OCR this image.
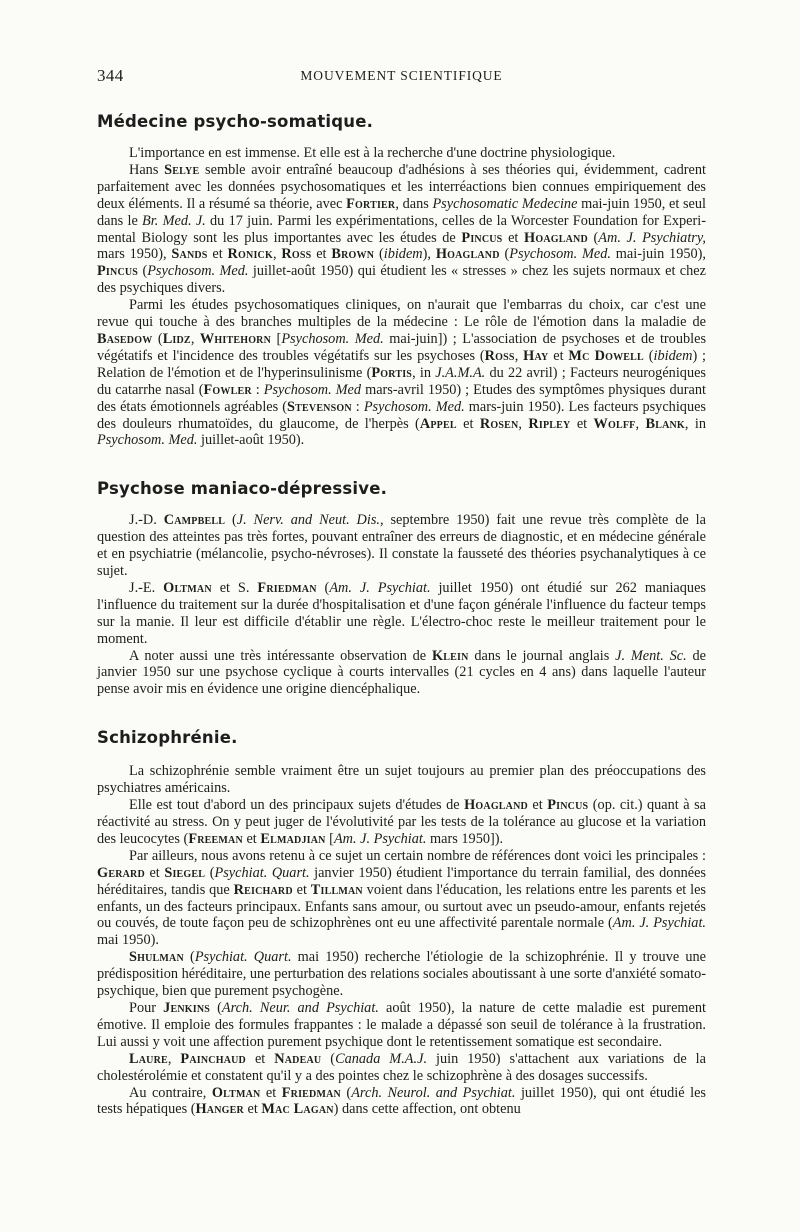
344	MOUVEMENT SCIENTIFIQUE
Médecine psycho-somatique.

L'importance en est immense. Et elle est à la recherche d'une doctrine physiologique.

Hans Selye semble avoir entraîné beaucoup d'adhésions à ses théories qui, évidemment, cadrent parfaitement avec les données psychosomatiques et les interréactions bien connues empiriquement des deux éléments. Il a résumé sa théorie, avec Fortier, dans Psychosomatic Medecine mai-juin 1950, et seul dans le Br. Med. J. du 17 juin. Parmi les expérimentations, celles de la Worcester Foundation for Experimental Biology sont les plus importantes avec les études de Pincus et Hoagland (Am. J. Psychiatry, mars 1950), Sands et Ronick, Ross et Brown (ibidem), Hoagland (Psychosom. Med. mai-juin 1950), Pincus (Psychosom. Med. juillet-août 1950) qui étudient les « stresses » chez les sujets normaux et chez des psychiques divers.

Parmi les études psychosomatiques cliniques, on n'aurait que l'embarras du choix, car c'est une revue qui touche à des branches multiples de la médecine : Le rôle de l'émotion dans la maladie de Basedow (Lidz, Whitehorn [Psychosom. Med. mai-juin]) ; L'association de psychoses et de troubles végétatifs et l'incidence des troubles végétatifs sur les psychoses (Ross, Hay et Mc Dowell (ibidem) ; Relation de l'émotion et de l'hyperinsulinisme (Portis, in J.A.M.A. du 22 avril) ; Facteurs neurogéniques du catarrhe nasal (Fowler : Psychosom. Med mars-avril 1950) ; Etudes des symptômes physiques durant des états émotionnels agréables (Stevenson : Psychosom. Med. mars-juin 1950). Les facteurs psychiques des douleurs rhumatoïdes, du glaucome, de l'herpès (Appel et Rosen, Ripley et Wolff, Blank, in Psychosom. Med. juillet-août 1950).

Psychose maniaco-dépressive.

J.-D. Campbell (J. Nerv. and Neut. Dis., septembre 1950) fait une revue très complète de la question des atteintes pas très fortes, pouvant entraîner des erreurs de diagnostic, et en médecine générale et en psychiatrie (mélancolie, psycho-névroses). Il constate la fausseté des théories psychanalytiques à ce sujet.

J.-E. Oltman et S. Friedman (Am. J. Psychiat. juillet 1950) ont étudié sur 262 maniaques l'influence du traitement sur la durée d'hospitalisation et d'une façon générale l'influence du facteur temps sur la manie. Il leur est difficile d'établir une règle. L'électro-choc reste le meilleur traitement pour le moment.

A noter aussi une très intéressante observation de Klein dans le journal anglais J. Ment. Sc. de janvier 1950 sur une psychose cyclique à courts intervalles (21 cycles en 4 ans) dans laquelle l'auteur pense avoir mis en évidence une origine diencéphalique.

Schizophrénie.

La schizophrénie semble vraiment être un sujet toujours au premier plan des préoccupations des psychiatres américains.

Elle est tout d'abord un des principaux sujets d'études de Hoagland et Pincus (op. cit.) quant à sa réactivité au stress. On y peut juger de l'évolutivité par les tests de la tolérance au glucose et la variation des leucocytes (Freeman et Elmadjian [Am. J. Psychiat. mars 1950]).

Par ailleurs, nous avons retenu à ce sujet un certain nombre de références dont voici les principales : Gerard et Siegel (Psychiat. Quart. janvier 1950) étudient l'importance du terrain familial, des données héréditaires, tandis que Reichard et Tillman voient dans l'éducation, les relations entre les parents et les enfants, un des facteurs principaux. Enfants sans amour, ou surtout avec un pseudo-amour, enfants rejetés ou couvés, de toute façon peu de schizophrènes ont eu une affectivité parentale normale (Am. J. Psychiat. mai 1950).

Shulman (Psychiat. Quart. mai 1950) recherche l'étiologie de la schizophrénie. Il y trouve une prédisposition héréditaire, une perturbation des relations sociales aboutissant à une sorte d'anxiété somato-psychique, bien que purement psychogène.

Pour Jenkins (Arch. Neur. and Psychiat. août 1950), la nature de cette maladie est purement émotive. Il emploie des formules frappantes : le malade a dépassé son seuil de tolérance à la frustration. Lui aussi y voit une affection purement psychique dont le retentissement somatique est secondaire.

Laure, Painchaud et Nadeau (Canada M.A.J. juin 1950) s'attachent aux variations de la cholestérolémie et constatent qu'il y a des pointes chez le schizophrène à des dosages successifs.

Au contraire, Oltman et Friedman (Arch. Neurol. and Psychiat. juillet 1950), qui ont étudié les tests hépatiques (Hanger et Mac Lagan) dans cette affection, ont obtenu
